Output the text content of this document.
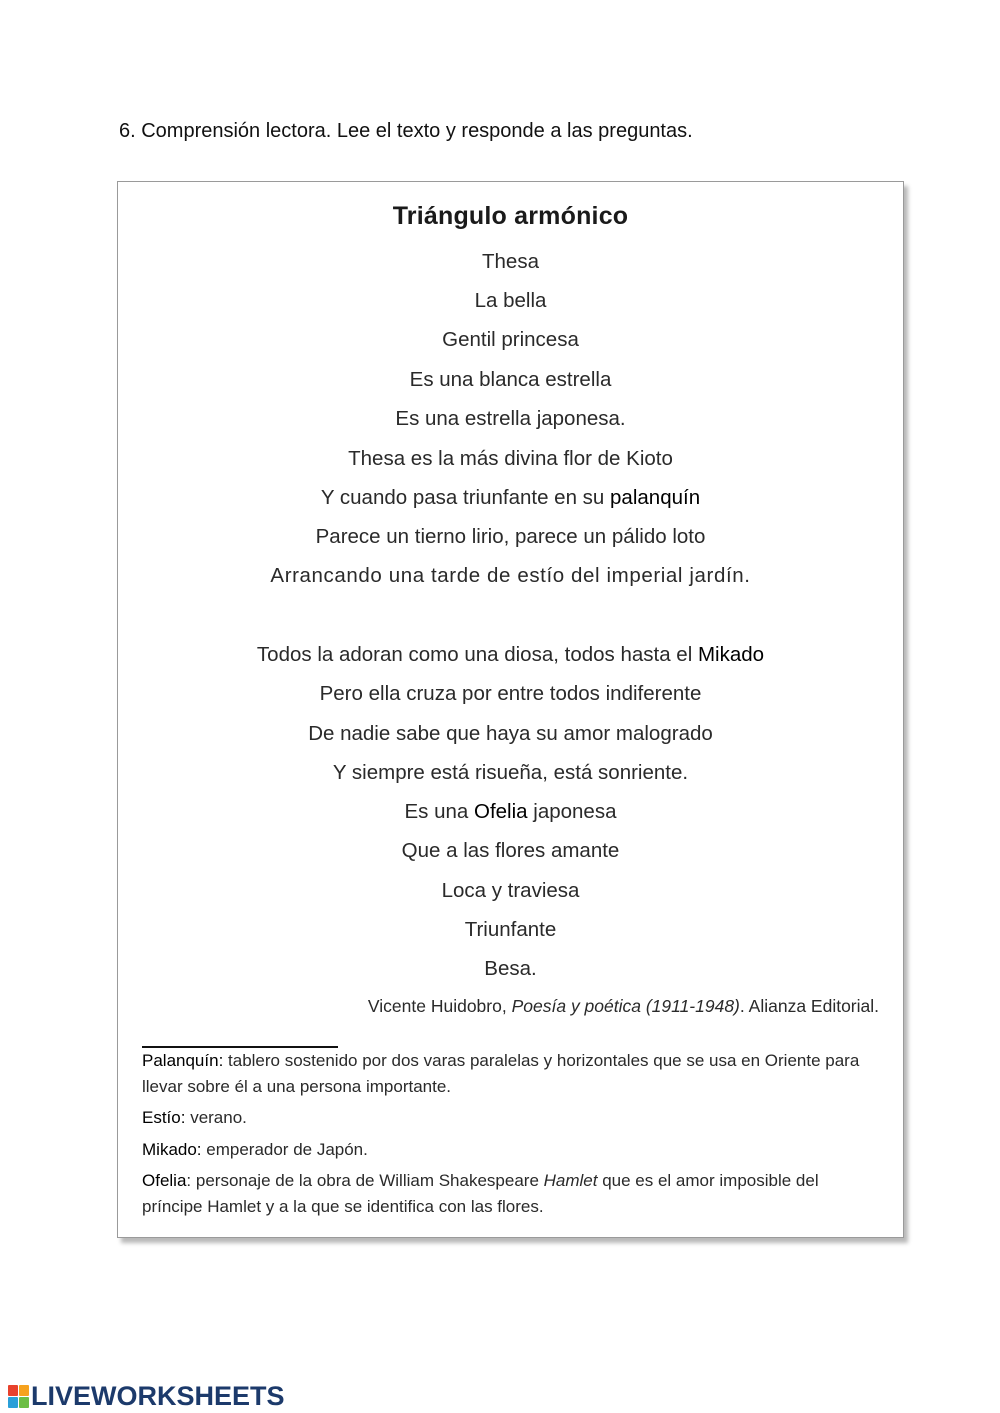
6. Comprensión lectora. Lee el texto y responde a las preguntas.
Triángulo armónico
Thesa
La bella
Gentil princesa
Es una blanca estrella
Es una estrella japonesa.
Thesa es la más divina flor de Kioto
Y cuando pasa triunfante en su palanquín
Parece un tierno lirio, parece un pálido loto
Arrancando una tarde de estío del imperial jardín.
Todos la adoran como una diosa, todos hasta el Mikado
Pero ella cruza por entre todos indiferente
De nadie sabe que haya su amor malogrado
Y siempre está risueña, está sonriente.
Es una Ofelia japonesa
Que a las flores amante
Loca y traviesa
Triunfante
Besa.
Vicente Huidobro, Poesía y poética (1911-1948). Alianza Editorial.
Palanquín: tablero sostenido por dos varas paralelas y horizontales que se usa en Oriente para llevar sobre él a una persona importante.
Estío: verano.
Mikado: emperador de Japón.
Ofelia: personaje de la obra de William Shakespeare Hamlet que es el amor imposible del príncipe Hamlet y a la que se identifica con las flores.
LIVEWORKSHEETS
